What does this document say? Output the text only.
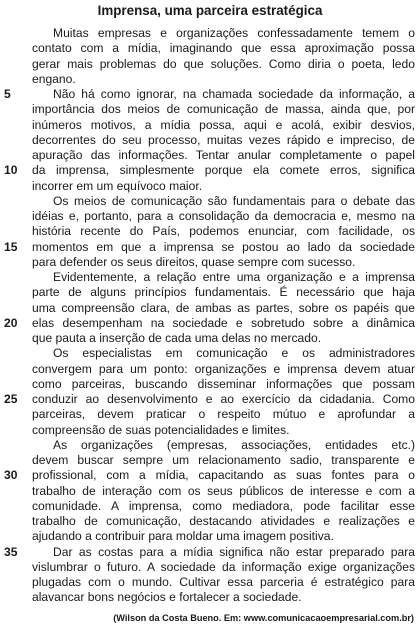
Imprensa, uma parceira estratégica
Muitas empresas e organizações confessadamente temem o
contato com a mídia, imaginando que essa aproximação possa
gerar mais problemas do que soluções. Como diria o poeta, ledo
engano.
5	Não há como ignorar, na chamada sociedade da informação, a
importância dos meios de comunicação de massa, ainda que, por
inúmeros motivos, a mídia possa, aqui e acolá, exibir desvios,
decorrentes do seu processo, muitas vezes rápido e impreciso, de
apuração das informações. Tentar anular completamente o papel
10 da imprensa, simplesmente porque ela comete erros, significa
incorrer em um equívoco maior.
Os meios de comunicação são fundamentais para o debate das
idéias e, portanto, para a consolidação da democracia e, mesmo na
história recente do País, podemos enunciar, com facilidade, os
15 momentos em que a imprensa se postou ao lado da sociedade
para defender os seus direitos, quase sempre com sucesso.
Evidentemente, a relação entre uma organização e a imprensa
parte de alguns princípios fundamentais. É necessário que haja
uma compreensão clara, de ambas as partes, sobre os papéis que
20 elas desempenham na sociedade e sobretudo sobre a dinâmica
que pauta a inserção de cada uma delas no mercado.
Os especialistas em comunicação e os administradores
convergem para um ponto: organizações e imprensa devem atuar
como parceiras, buscando disseminar informações que possam
25 conduzir ao desenvolvimento e ao exercício da cidadania. Como
parceiras, devem praticar o respeito mútuo e aprofundar a
compreensão de suas potencialidades e limites.
As organizações (empresas, associações, entidades etc.)
devem buscar sempre um relacionamento sadio, transparente e
30 profissional, com a mídia, capacitando as suas fontes para o
trabalho de interação com os seus públicos de interesse e com a
comunidade. A imprensa, como mediadora, pode facilitar esse
trabalho de comunicação, destacando atividades e realizações e
ajudando a contribuir para moldar uma imagem positiva.
35	Dar as costas para a mídia significa não estar preparado para
vislumbrar o futuro. A sociedade da informação exige organizações
plugadas com o mundo. Cultivar essa parceria é estratégico para
alavancar bons negócios e fortalecer a sociedade.
(Wilson da Costa Bueno. Em: www.comunicacaoempresarial.com.br)
